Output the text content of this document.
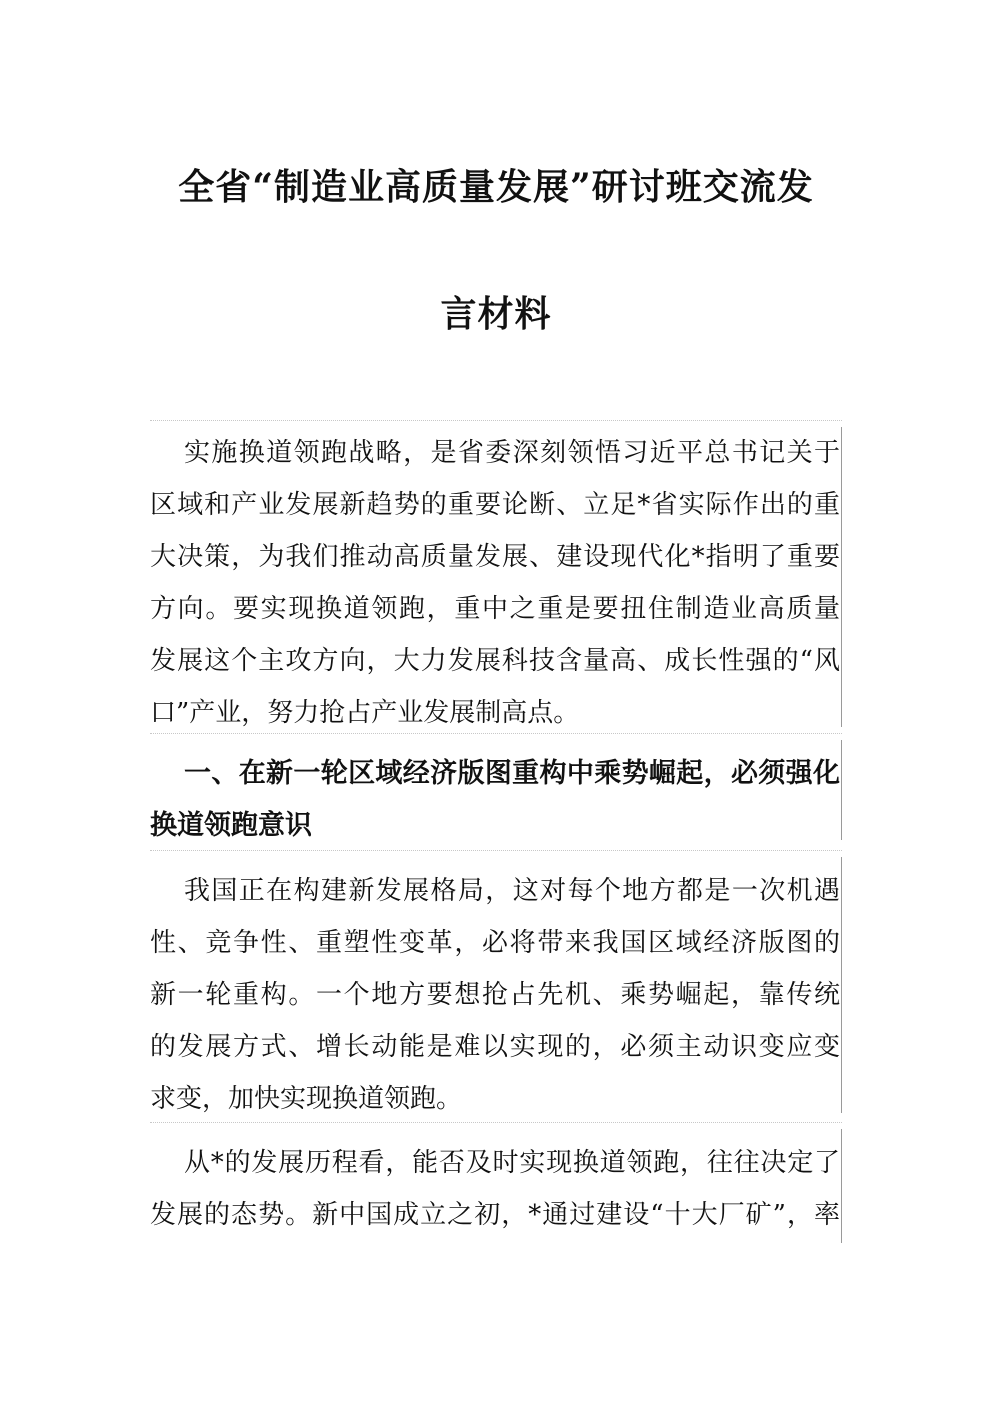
全省“制造业高质量发展”研讨班交流发
言材料
实施换道领跑战略，是省委深刻领悟习近平总书记关于
区域和产业发展新趋势的重要论断、立足*省实际作出的重
大决策，为我们推动高质量发展、建设现代化*指明了重要
方向。要实现换道领跑，重中之重是要扭住制造业高质量
发展这个主攻方向，大力发展科技含量高、成长性强的“风
口”产业，努力抢占产业发展制高点。
一、在新一轮区域经济版图重构中乘势崛起，必须强化
换道领跑意识
我国正在构建新发展格局，这对每个地方都是一次机遇
性、竞争性、重塑性变革，必将带来我国区域经济版图的
新一轮重构。一个地方要想抢占先机、乘势崛起，靠传统
的发展方式、增长动能是难以实现的，必须主动识变应变
求变，加快实现换道领跑。
从*的发展历程看，能否及时实现换道领跑，往往决定了
发展的态势。新中国成立之初，*通过建设“十大厂矿”，率
